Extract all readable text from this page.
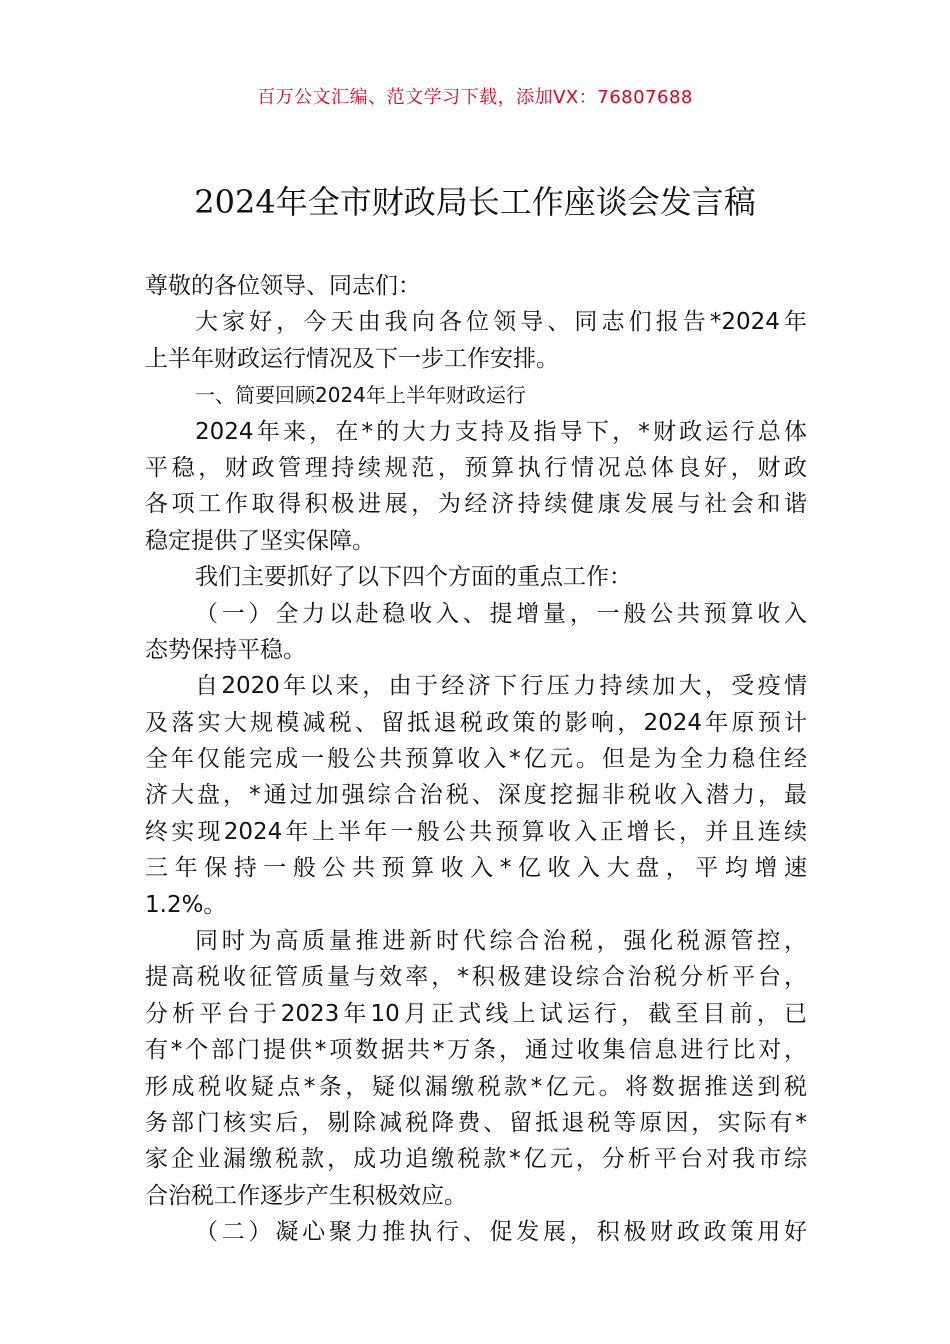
百万公文汇编、范文学习下载，添加VX：76807688
2024年全市财政局长工作座谈会发言稿
尊敬的各位领导、同志们：
大家好，今天由我向各位领导、同志们报告*2024年
上半年财政运行情况及下一步工作安排。
一、简要回顾2024年上半年财政运行
2024年来，在*的大力支持及指导下，*财政运行总体
平稳，财政管理持续规范，预算执行情况总体良好，财政
各项工作取得积极进展，为经济持续健康发展与社会和谐
稳定提供了坚实保障。
我们主要抓好了以下四个方面的重点工作：
（一）全力以赴稳收入、提增量，一般公共预算收入
态势保持平稳。
自2020年以来，由于经济下行压力持续加大，受疫情
及落实大规模减税、留抵退税政策的影响，2024年原预计
全年仅能完成一般公共预算收入*亿元。但是为全力稳住经
济大盘，*通过加强综合治税、深度挖掘非税收入潜力，最
终实现2024年上半年一般公共预算收入正增长，并且连续
三年保持一般公共预算收入*亿收入大盘，平均增速
1.2%。
同时为高质量推进新时代综合治税，强化税源管控，
提高税收征管质量与效率，*积极建设综合治税分析平台，
分析平台于2023年10月正式线上试运行，截至目前，已
有*个部门提供*项数据共*万条，通过收集信息进行比对，
形成税收疑点*条，疑似漏缴税款*亿元。将数据推送到税
务部门核实后，剔除减税降费、留抵退税等原因，实际有*
家企业漏缴税款，成功追缴税款*亿元，分析平台对我市综
合治税工作逐步产生积极效应。
（二）凝心聚力推执行、促发展，积极财政政策用好
